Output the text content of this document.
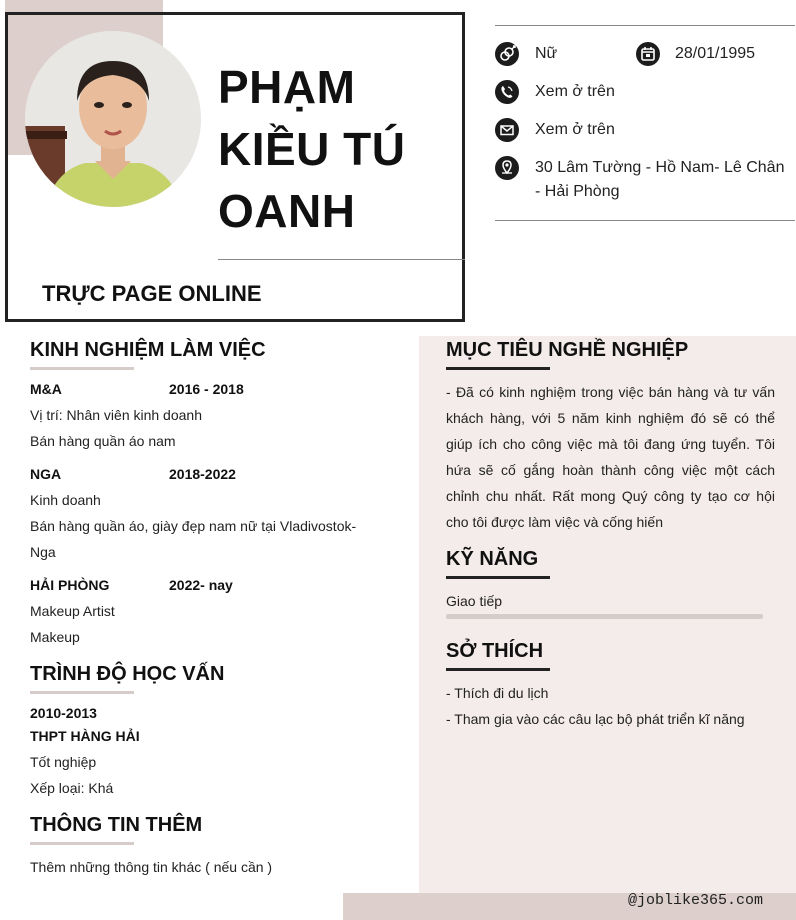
PHẠM
KIỀU TÚ
OANH
TRỰC PAGE ONLINE
Nữ	28/01/1995
Xem ở trên
Xem ở trên
30 Lâm Tường - Hồ Nam- Lê Chân
- Hải Phòng
KINH NGHIỆM LÀM VIỆC
M&A	2016 - 2018
Vị trí: Nhân viên kinh doanh
Bán hàng quần áo nam
NGA	2018-2022
Kinh doanh
Bán hàng quần áo, giày đẹp nam nữ tại Vladivostok-
Nga
HẢI PHÒNG	2022- nay
Makeup Artist
Makeup
TRÌNH ĐỘ HỌC VẤN
2010-2013
THPT HÀNG HẢI
Tốt nghiệp
Xếp loại: Khá
THÔNG TIN THÊM
Thêm những thông tin khác ( nếu cần )
MỤC TIÊU NGHỀ NGHIỆP
- Đã có kinh nghiệm trong việc bán hàng và tư vấn khách hàng, với 5 năm kinh nghiệm đó sẽ có thể giúp ích cho công việc mà tôi đang ứng tuyển. Tôi hứa sẽ cố gắng hoàn thành công việc một cách chỉnh chu nhất. Rất mong Quý công ty tạo cơ hội cho tôi được làm việc và cống hiến
KỸ NĂNG
Giao tiếp
SỞ THÍCH
- Thích đi du lịch
- Tham gia vào các câu lạc bộ phát triển kĩ năng
@joblike365.com
